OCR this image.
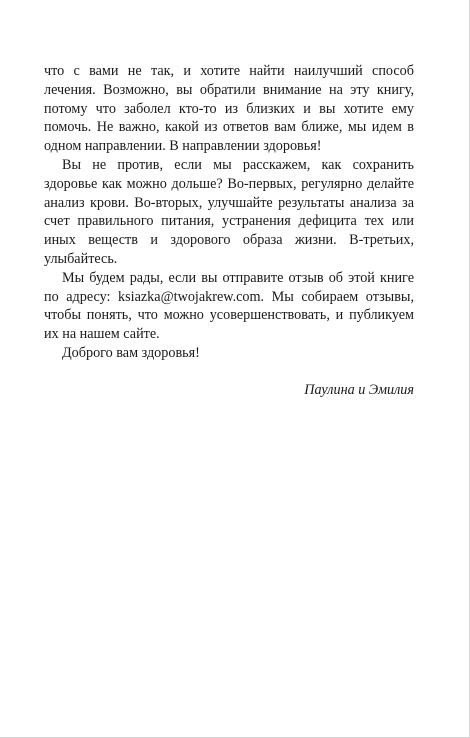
что с вами не так, и хотите найти наилучший способ лечения. Возможно, вы обратили внимание на эту книгу, потому что заболел кто-то из близких и вы хотите ему помочь. Не важно, какой из ответов вам ближе, мы идем в одном направлении. В направлении здоровья!

Вы не против, если мы расскажем, как сохранить здоровье как можно дольше? Во-первых, регулярно делайте анализ крови. Во-вторых, улучшайте результаты анализа за счет правильного питания, устранения дефицита тех или иных веществ и здорового образа жизни. В-третьих, улыбайтесь.

Мы будем рады, если вы отправите отзыв об этой книге по адресу: ksiazka@twojakrew.com. Мы собираем отзывы, чтобы понять, что можно усовершенствовать, и публикуем их на нашем сайте.

Доброго вам здоровья!

Паулина и Эмилия
